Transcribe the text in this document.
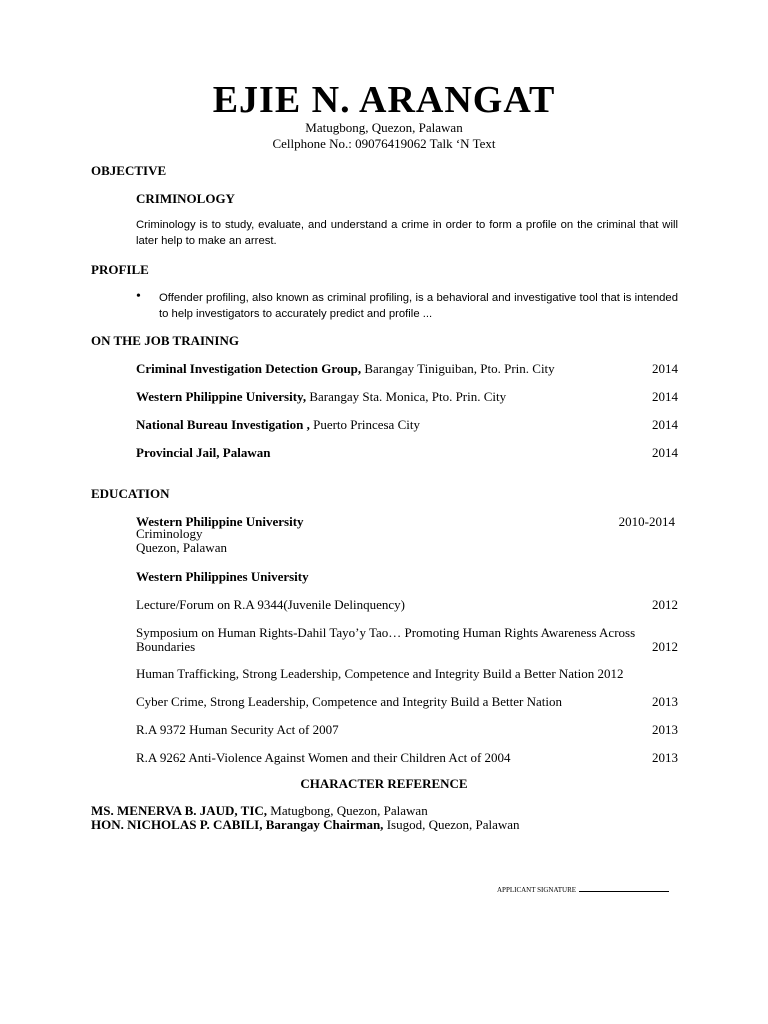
EJIE N. ARANGAT
Matugbong, Quezon, Palawan
Cellphone No.: 09076419062 Talk ‘N Text
OBJECTIVE
CRIMINOLOGY
Criminology is to study, evaluate, and understand a crime in order to form a profile on the criminal that will later help to make an arrest.
PROFILE
• Offender profiling, also known as criminal profiling, is a behavioral and investigative tool that is intended to help investigators to accurately predict and profile ...
ON THE JOB TRAINING
Criminal Investigation Detection Group, Barangay Tiniguiban, Pto. Prin. City	2014
Western Philippine University, Barangay Sta. Monica, Pto. Prin. City	2014
National Bureau Investigation , Puerto Princesa City	2014
Provincial Jail, Palawan	2014
EDUCATION
Western Philippine University	2010-2014
Criminology
Quezon, Palawan
Western Philippines University
Lecture/Forum on R.A 9344(Juvenile Delinquency)	2012
Symposium on Human Rights-Dahil Tayo’y Tao… Promoting Human Rights Awareness Across
Boundaries	2012
Human Trafficking, Strong Leadership, Competence and Integrity Build a Better Nation 2012
Cyber Crime, Strong Leadership, Competence and Integrity Build a Better Nation	2013
R.A 9372 Human Security Act of 2007	2013
R.A 9262 Anti-Violence Against Women and their Children Act of 2004	2013
CHARACTER REFERENCE
MS. MENERVA B. JAUD, TIC, Matugbong, Quezon, Palawan
HON. NICHOLAS P. CABILI, Barangay Chairman, Isugod, Quezon, Palawan
APPLICANT SIGNATURE
